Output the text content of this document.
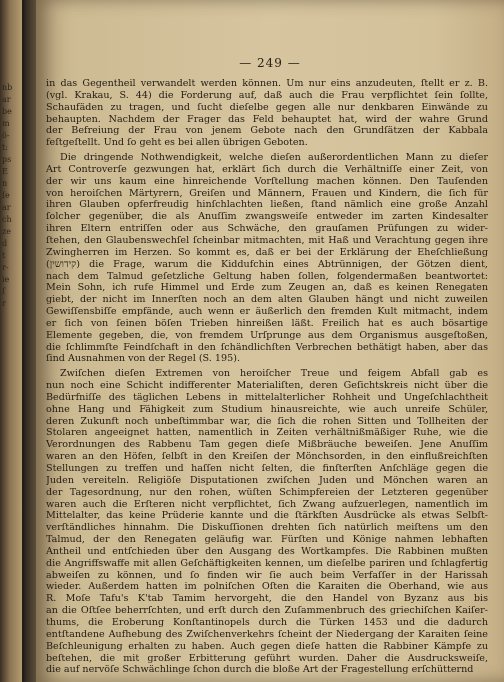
nb
ar
be
m
ö-
t:
ps
E
n
ſe
ar
ch
ze
d
t
r-
ie
ſ
r
— 249 —
in das Gegentheil verwandelt werden können. Um nur eins anzudeuten, ſtellt er z. B.
(vgl. Krakau, S. 44) die Forderung auf, daß auch die Frau verpflichtet ſein ſollte,
Schaufäden zu tragen, und ſucht dieſelbe gegen alle nur denkbaren Einwände zu
behaupten. Nachdem der Frager das Feld behauptet hat, wird der wahre Grund
der Befreiung der Frau von jenem Gebote nach den Grundſätzen der Kabbala
feſtgeſtellt. Und ſo geht es bei allen übrigen Geboten.
Die dringende Nothwendigkeit, welche dieſen außerordentlichen Mann zu dieſer
Art Controverſe gezwungen hat, erklärt ſich durch die Verhältniſſe einer Zeit, von
der wir uns kaum eine hinreichende Vorſtellung machen können. Den Tauſenden
von heroiſchen Märtyrern, Greiſen und Männern, Frauen und Kindern, die ſich für
ihren Glauben opferfreudig hinſchlachten ließen, ſtand nämlich eine große Anzahl
ſolcher gegenüber, die als Anuſſim zwangsweiſe entweder im zarten Kindesalter
ihren Eltern entriſſen oder aus Schwäche, den grauſamen Prüfungen zu wider-
ſtehen, den Glaubenswechſel ſcheinbar mitmachten, mit Haß und Verachtung gegen ihre
Zwingherren im Herzen. So kommt es, daß er bei der Erklärung der Eheſchließung
(קידושין) die Frage, warum die Kiddufchin eines Abtrünnigen, der Götzen dient,
nach dem Talmud geſetzliche Geltung haben ſollen, folgendermaßen beantwortet:
Mein Sohn, ich rufe Himmel und Erde zum Zeugen an, daß es keinen Renegaten
giebt, der nicht im Innerſten noch an dem alten Glauben hängt und nicht zuweilen
Gewiſſensbiſſe empfände, auch wenn er äußerlich den fremden Kult mitmacht, indem
er ſich von ſeinen böſen Trieben hinreißen läßt. Freilich hat es auch bösartige
Elemente gegeben, die, von fremdem Urſprunge aus dem Organismus ausgeſtoßen,
die ſchlimmſte Feindſchaft in den ſchändlichſten Verbrechen bethätigt haben, aber das
ſind Ausnahmen von der Regel (S. 195).
Zwiſchen dieſen Extremen von heroiſcher Treue und feigem Abfall gab es
nun noch eine Schicht indifferenter Materialiſten, deren Geſichtskreis nicht über die
Bedürfniſſe des täglichen Lebens in mittelalterlicher Rohheit und Ungeſchlachtheit
ohne Hang und Fähigkeit zum Studium hinausreichte, wie auch unreife Schüler,
deren Zukunft noch unbeſtimmbar war, die ſich die rohen Sitten und Tollheiten der
Stolaren angeeignet hatten, namentlich in Zeiten verhältnißmäßiger Ruhe, wie die
Verordnungen des Rabbenu Tam gegen dieſe Mißbräuche beweiſen. Jene Anuſſim
waren an den Höfen, ſelbſt in den Kreiſen der Mönchsorden, in den einflußreichſten
Stellungen zu treffen und haſſen nicht ſelten, die finſterſten Anſchläge gegen die
Juden vereiteln. Religiöſe Disputationen zwiſchen Juden und Mönchen waren an
der Tagesordnung, nur den rohen, wüſten Schimpfereien der Letzteren gegenüber
waren auch die Erſteren nicht verpflichtet, ſich Zwang aufzuerlegen, namentlich im
Mittelalter, das keine Prüderie kannte und die ſtärkſten Ausdrücke als etwas Selbſt-
verſtändliches hinnahm. Die Diskuſſionen drehten ſich natürlich meiſtens um den
Talmud, der den Renegaten geläufig war. Fürſten und Könige nahmen lebhaften
Antheil und entſchieden über den Ausgang des Wortkampfes. Die Rabbinen mußten
die Angriffswaffe mit allen Geſchäftigkeiten kennen, um dieſelbe pariren und ſchlagfertig
abweiſen zu können, und ſo finden wir ſie auch beim Verfaſſer in der Harissah
wieder. Außerdem hatten im polniſchen Oſten die Karaiten die Oberhand, wie aus
R. Moſe Tafu's K'tab Tamim hervorgeht, die den Handel von Byzanz aus bis
an die Oſtſee beherrſchten, und erſt durch den Zuſammenbruch des griechiſchen Kaiſer-
thums, die Eroberung Konſtantinopels durch die Türken 1453 und die dadurch
entſtandene Aufhebung des Zwiſchenverkehrs ſcheint der Niedergang der Karaiten ſeine
Beſchleunigung erhalten zu haben. Auch gegen dieſe hatten die Rabbiner Kämpfe zu
beſtehen, die mit großer Erbitterung geführt wurden. Daher die Ausdrucksweiſe,
die auf nervöſe Schwächlinge ſchon durch die bloße Art der Fragestellung erſchütternd
